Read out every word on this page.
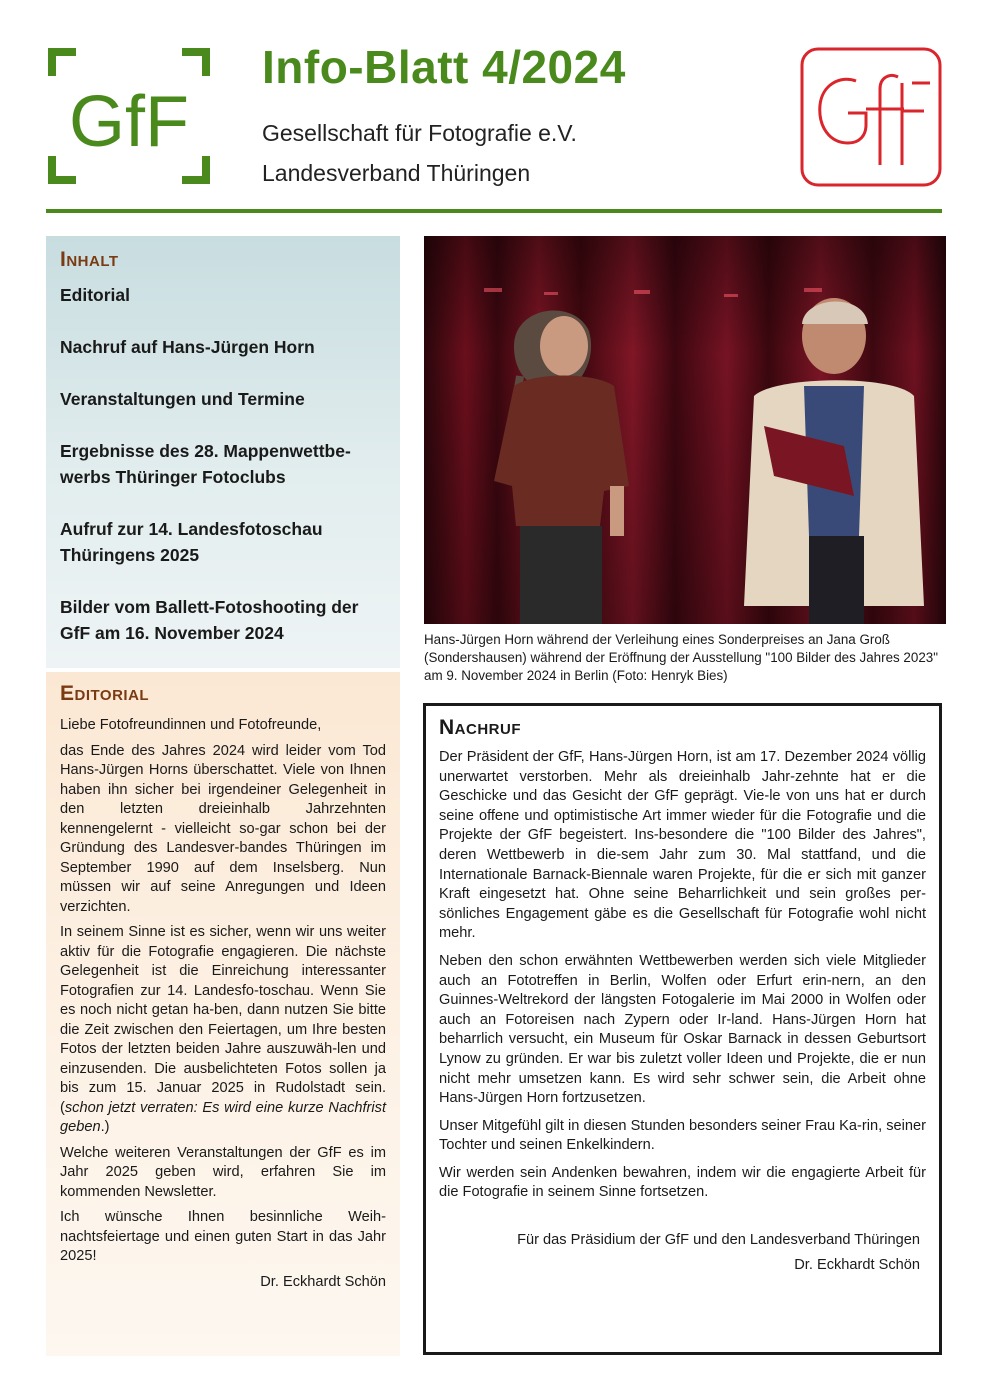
GfF
Info-Blatt 4/2024
Gesellschaft für Fotografie e.V.
Landesverband Thüringen
Inhalt
Editorial
Nachruf auf Hans-Jürgen Horn
Veranstaltungen und Termine
Ergebnisse des 28. Mappenwettbe-werbs Thüringer Fotoclubs
Aufruf zur 14. Landesfotoschau Thüringens 2025
Bilder vom Ballett-Fotoshooting der GfF am 16. November 2024
Editorial

Liebe Fotofreundinnen und Fotofreunde,

das Ende des Jahres 2024 wird leider vom Tod Hans-Jürgen Horns überschattet. Viele von Ihnen haben ihn sicher bei irgendeiner Gelegenheit in den letzten dreieinhalb Jahrzehnten kennengelernt - vielleicht so-gar schon bei der Gründung des Landesver-bandes Thüringen im September 1990 auf dem Inselsberg. Nun müssen wir auf seine Anregungen und Ideen verzichten.

In seinem Sinne ist es sicher, wenn wir uns weiter aktiv für die Fotografie engagieren. Die nächste Gelegenheit ist die Einreichung interessanter Fotografien zur 14. Landesfo-toschau. Wenn Sie es noch nicht getan ha-ben, dann nutzen Sie bitte die Zeit zwischen den Feiertagen, um Ihre besten Fotos der letzten beiden Jahre auszuwäh-len und einzusenden. Die ausbelichteten Fotos sollen ja bis zum 15. Januar 2025 in Rudolstadt sein. (schon jetzt verraten: Es wird eine kurze Nachfrist geben.)

Welche weiteren Veranstaltungen der GfF es im Jahr 2025 geben wird, erfahren Sie im kommenden Newsletter.

Ich wünsche Ihnen besinnliche Weih-nachtsfeiertage und einen guten Start in das Jahr 2025!

Dr. Eckhardt Schön
Hans-Jürgen Horn während der Verleihung eines Sonderpreises an Jana Groß (Sondershausen) während der Eröffnung der Ausstellung "100 Bilder des Jahres 2023" am 9. November 2024 in Berlin (Foto: Henryk Bies)
Nachruf

Der Präsident der GfF, Hans-Jürgen Horn, ist am 17. Dezember 2024 völlig unerwartet verstorben. Mehr als dreieinhalb Jahr-zehnte hat er die Geschicke und das Gesicht der GfF geprägt. Vie-le von uns hat er durch seine offene und optimistische Art immer wieder für die Fotografie und die Projekte der GfF begeistert. Ins-besondere die "100 Bilder des Jahres", deren Wettbewerb in die-sem Jahr zum 30. Mal stattfand, und die Internationale Barnack-Biennale waren Projekte, für die er sich mit ganzer Kraft eingesetzt hat. Ohne seine Beharrlichkeit und sein großes per-sönliches Engagement gäbe es die Gesellschaft für Fotografie wohl nicht mehr.

Neben den schon erwähnten Wettbewerben werden sich viele Mitglieder auch an Fototreffen in Berlin, Wolfen oder Erfurt erin-nern, an den Guinnes-Weltrekord der längsten Fotogalerie im Mai 2000 in Wolfen oder auch an Fotoreisen nach Zypern oder Ir-land. Hans-Jürgen Horn hat beharrlich versucht, ein Museum für Oskar Barnack in dessen Geburtsort Lynow zu gründen. Er war bis zuletzt voller Ideen und Projekte, die er nun nicht mehr umsetzen kann. Es wird sehr schwer sein, die Arbeit ohne Hans-Jürgen Horn fortzusetzen.

Unser Mitgefühl gilt in diesen Stunden besonders seiner Frau Ka-rin, seiner Tochter und seinen Enkelkindern.

Wir werden sein Andenken bewahren, indem wir die engagierte Arbeit für die Fotografie in seinem Sinne fortsetzen.

Für das Präsidium der GfF und den Landesverband Thüringen
Dr. Eckhardt Schön
